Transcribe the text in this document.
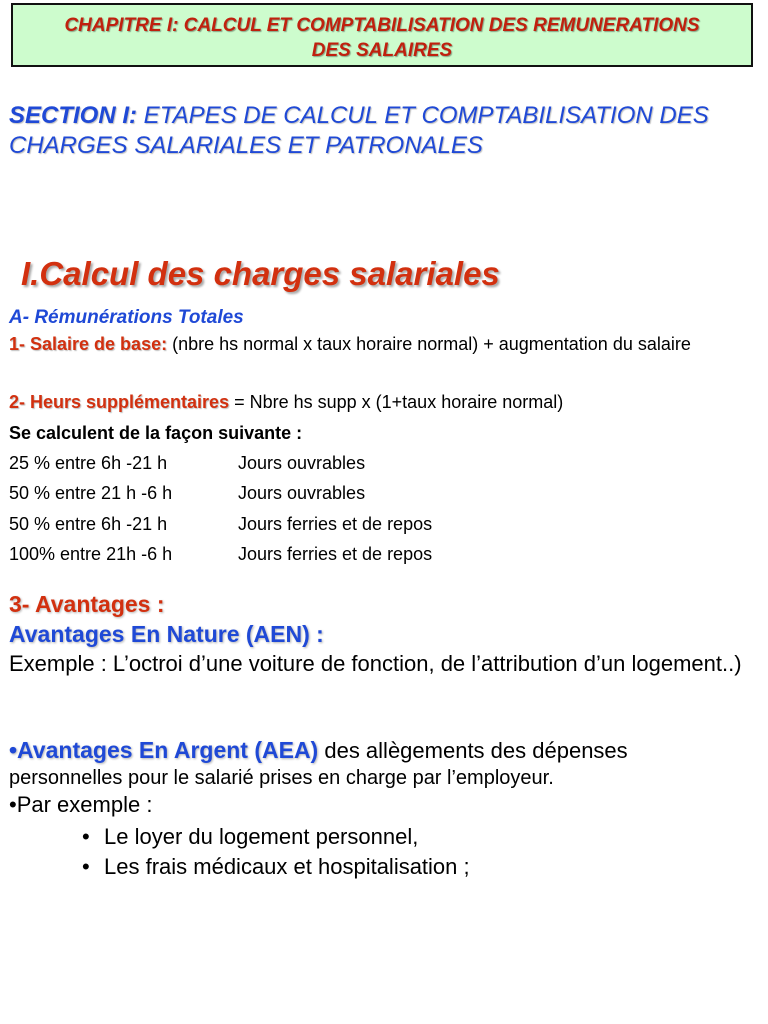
CHAPITRE I: CALCUL ET COMPTABILISATION DES REMUNERATIONS
DES SALAIRES
SECTION I: ETAPES DE CALCUL ET COMPTABILISATION DES
CHARGES SALARIALES ET PATRONALES
I.Calcul des charges salariales
A- Rémunérations Totales
1- Salaire de base: (nbre hs normal x taux horaire normal) + augmentation du salaire
2- Heurs supplémentaires = Nbre hs supp x (1+taux horaire normal)
Se calculent de la façon suivante :
25 % entre 6h -21 h	Jours ouvrables
50 % entre 21 h -6 h	Jours ouvrables
50 % entre 6h -21 h	Jours ferries et de repos
100% entre 21h -6 h	Jours ferries et de repos
3- Avantages :
Avantages En Nature (AEN) :
Exemple : L’octroi d’une voiture de fonction, de l’attribution d’un logement..)
•Avantages En Argent (AEA) des allègements des dépenses
personnelles pour le salarié prises en charge par l’employeur.
•Par exemple :
• Le loyer du logement personnel,
• Les frais médicaux et hospitalisation ;
